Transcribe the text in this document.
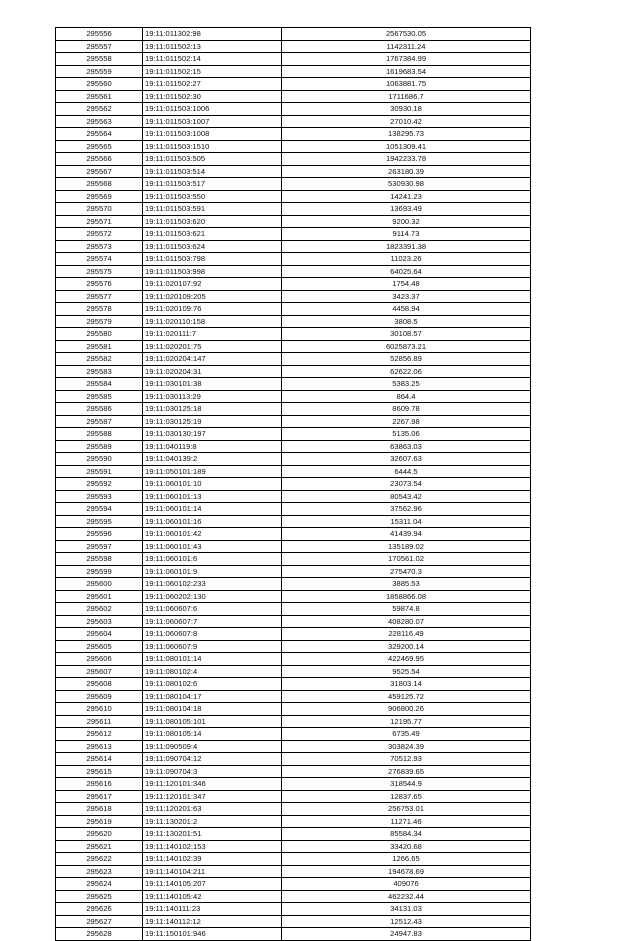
295556	19:11:011302:98	2567530.05
295557	19:11:011502:13	1142311.24
295558	19:11:011502:14	1767384.99
295559	19:11:011502:15	1619683.54
295560	19:11:011502:27	1063881.75
295561	19:11:011502:30	1711686.7
295562	19:11:011503:1006	30930.18
295563	19:11:011503:1007	27010.42
295564	19:11:011503:1008	138295.73
295565	19:11:011503:1510	1051309.41
295566	19:11:011503:505	1942233.78
295567	19:11:011503:514	263180.39
295568	19:11:011503:517	530930.98
295569	19:11:011503:550	14241.23
295570	19:11:011503:591	13693.49
295571	19:11:011503:620	9200.32
295572	19:11:011503:621	9114.73
295573	19:11:011503:624	1823391.38
295574	19:11:011503:798	11023.26
295575	19:11:011503:998	64025.64
295576	19:11:020107:92	1754.48
295577	19:11:020109:205	3423.37
295578	19:11:020109:76	4458.94
295579	19:11:020110:158	3808.5
295580	19:11:020111:7	30108.57
295581	19:11:020201:75	6025873.21
295582	19:11:020204:147	52856.89
295583	19:11:020204:31	62622.06
295584	19:11:030101:38	5383.25
295585	19:11:030113:29	864.4
295586	19:11:030125:18	8609.78
295587	19:11:030125:19	2267.98
295588	19:11:030130:197	5135.06
295589	19:11:040119:8	63863.03
295590	19:11:040139:2	32607.63
295591	19:11:050101:189	6444.5
295592	19:11:060101:10	23073.54
295593	19:11:060101:13	80543.42
295594	19:11:060101:14	37562.96
295595	19:11:060101:16	15311.04
295596	19:11:060101:42	41439.94
295597	19:11:060101:43	135189.02
295598	19:11:060101:6	170561.02
295599	19:11:060101:9	275470.3
295600	19:11:060102:233	3885.53
295601	19:11:060202:130	1858866.08
295602	19:11:060607:6	59874.8
295603	19:11:060607:7	408280.07
295604	19:11:060607:8	228116.49
295605	19:11:060607:9	329200.14
295606	19:11:080101:14	422469.95
295607	19:11:080102:4	9525.54
295608	19:11:080102:6	31803.14
295609	19:11:080104:17	459125.72
295610	19:11:080104:18	906800.26
295611	19:11:080105:101	12195.77
295612	19:11:080105:14	6735.49
295613	19:11:090509:4	303824.39
295614	19:11:090704:12	70512.93
295615	19:11:090704:3	276839.65
295616	19:11:120101:346	318544.9
295617	19:11:120101:347	12837.65
295618	19:11:120201:63	256753.01
295619	19:11:130201:2	11271.46
295620	19:11:130201:51	85584.34
295621	19:11:140102:153	33420.68
295622	19:11:140102:39	1266.65
295623	19:11:140104:211	194678.69
295624	19:11:140105:207	409076
295625	19:11:140105:42	462232.44
295626	19:11:140111:23	34131.03
295627	19:11:140112:12	12512.43
295628	19:11:150101:946	24947.83
